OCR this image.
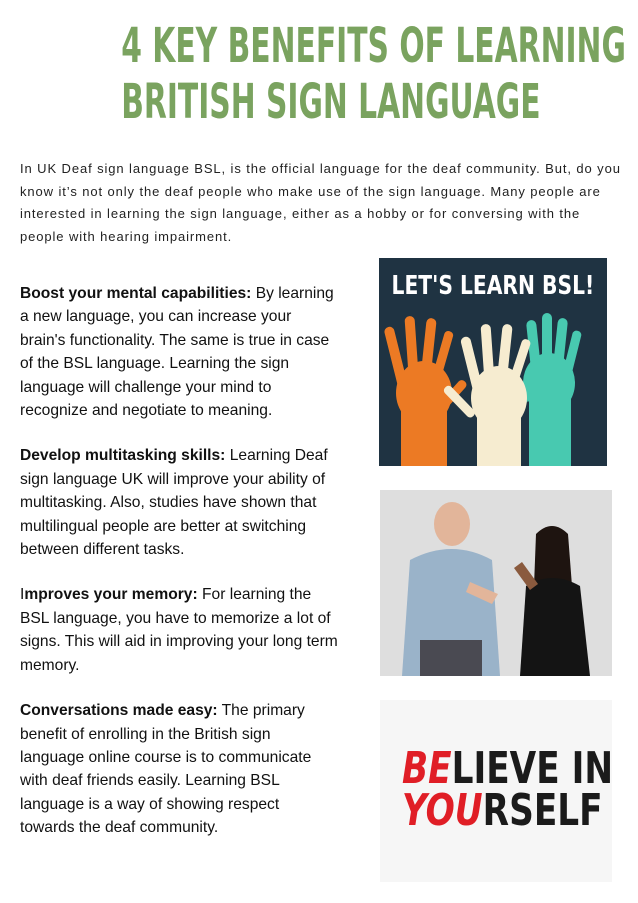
4 KEY BENEFITS OF LEARNING
BRITISH SIGN LANGUAGE

In UK Deaf sign language BSL, is the official language for the deaf community. But, do you know it’s not only the deaf people who make use of the sign language. Many people are interested in learning the sign language, either as a hobby or for conversing with the people with hearing impairment.

Boost your mental capabilities: By learning a new language, you can increase your brain's functionality. The same is true in case of the BSL language. Learning the sign language will challenge your mind to recognize and negotiate to meaning.

Develop multitasking skills: Learning Deaf sign language UK will improve your ability of multitasking. Also, studies have shown that multilingual people are better at switching between different tasks.

Improves your memory: For learning the BSL language, you have to memorize a lot of signs. This will aid in improving your long term memory.

Conversations made easy: The primary benefit of enrolling in the British sign language online course is to communicate with deaf friends easily. Learning BSL language is a way of showing respect towards the deaf community.

LET'S LEARN BSL!
BELIEVE IN
YOURSELF
